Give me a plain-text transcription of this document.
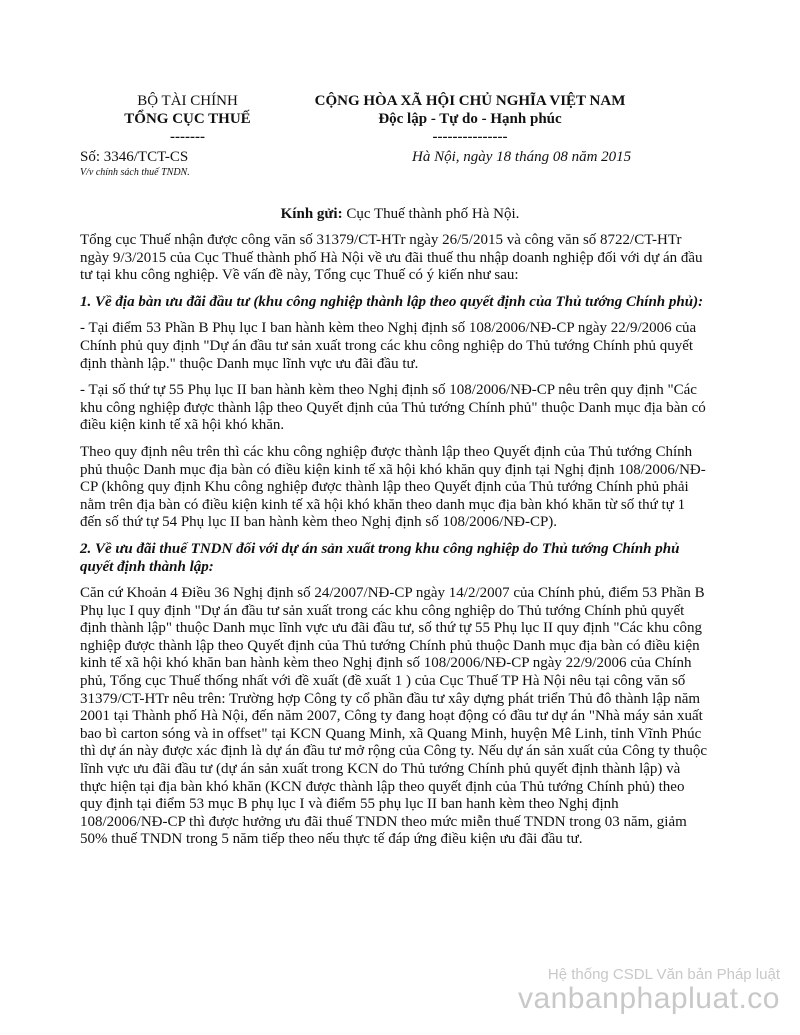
BỘ TÀI CHÍNH
TỔNG CỤC THUẾ
-------
CỘNG HÒA XÃ HỘI CHỦ NGHĨA VIỆT NAM
Độc lập - Tự do - Hạnh phúc
---------------
Số: 3346/TCT-CS
V/v chính sách thuế TNDN.
Hà Nội, ngày 18 tháng 08 năm 2015
Kính gửi: Cục Thuế thành phố Hà Nội.

Tổng cục Thuế nhận được công văn số 31379/CT-HTr ngày 26/5/2015 và công văn số 8722/CT-HTr ngày 9/3/2015 của Cục Thuế thành phố Hà Nội về ưu đãi thuế thu nhập doanh nghiệp đối với dự án đầu tư tại khu công nghiệp. Về vấn đề này, Tổng cục Thuế có ý kiến như sau:

1. Về địa bàn ưu đãi đầu tư (khu công nghiệp thành lập theo quyết định của Thủ tướng Chính phủ):

- Tại điểm 53 Phần B Phụ lục I ban hành kèm theo Nghị định số 108/2006/NĐ-CP ngày 22/9/2006 của Chính phủ quy định "Dự án đầu tư sản xuất trong các khu công nghiệp do Thủ tướng Chính phủ quyết định thành lập." thuộc Danh mục lĩnh vực ưu đãi đầu tư.

- Tại số thứ tự 55 Phụ lục II ban hành kèm theo Nghị định số 108/2006/NĐ-CP nêu trên quy định "Các khu công nghiệp được thành lập theo Quyết định của Thủ tướng Chính phủ" thuộc Danh mục địa bàn có điều kiện kinh tế xã hội khó khăn.

Theo quy định nêu trên thì các khu công nghiệp được thành lập theo Quyết định của Thủ tướng Chính phủ thuộc Danh mục địa bàn có điều kiện kinh tế xã hội khó khăn quy định tại Nghị định 108/2006/NĐ-CP (không quy định Khu công nghiệp được thành lập theo Quyết định của Thủ tướng Chính phủ phải nằm trên địa bàn có điều kiện kinh tế xã hội khó khăn theo danh mục địa bàn khó khăn từ số thứ tự 1 đến số thứ tự 54 Phụ lục II ban hành kèm theo Nghị định số 108/2006/NĐ-CP).

2. Về ưu đãi thuế TNDN đối với dự án sản xuất trong khu công nghiệp do Thủ tướng Chính phủ quyết định thành lập:

Căn cứ Khoản 4 Điều 36 Nghị định số 24/2007/NĐ-CP ngày 14/2/2007 của Chính phủ, điểm 53 Phần B Phụ lục I quy định "Dự án đầu tư sản xuất trong các khu công nghiệp do Thủ tướng Chính phủ quyết định thành lập" thuộc Danh mục lĩnh vực ưu đãi đầu tư, số thứ tự 55 Phụ lục II quy định "Các khu công nghiệp được thành lập theo Quyết định của Thủ tướng Chính phủ thuộc Danh mục địa bàn có điều kiện kinh tế xã hội khó khăn ban hành kèm theo Nghị định số 108/2006/NĐ-CP ngày 22/9/2006 của Chính phủ, Tổng cục Thuế thống nhất với đề xuất (đề xuất 1 ) của Cục Thuế TP Hà Nội nêu tại công văn số 31379/CT-HTr nêu trên: Trường hợp Công ty cổ phần đầu tư xây dựng phát triển Thủ đô thành lập năm 2001 tại Thành phố Hà Nội, đến năm 2007, Công ty đang hoạt động có đầu tư dự án "Nhà máy sản xuất bao bì carton sóng và in offset" tại KCN Quang Minh, xã Quang Minh, huyện Mê Linh, tỉnh Vĩnh Phúc thì dự án này được xác định là dự án đầu tư mở rộng của Công ty. Nếu dự án sản xuất của Công ty thuộc lĩnh vực ưu đãi đầu tư (dự án sản xuất trong KCN do Thủ tướng Chính phủ quyết định thành lập) và thực hiện tại địa bàn khó khăn (KCN được thành lập theo quyết định của Thủ tướng Chính phủ) theo quy định tại điểm 53 mục B phụ lục I và điểm 55 phụ lục II ban hanh kèm theo Nghị định 108/2006/NĐ-CP thì được hưởng ưu đãi thuế TNDN theo mức miễn thuế TNDN trong 03 năm, giảm 50% thuế TNDN trong 5 năm tiếp theo nếu thực tế đáp ứng điều kiện ưu đãi đầu tư.

Hệ thống CSDL Văn bản Pháp luật
vanbanphapluat.co
